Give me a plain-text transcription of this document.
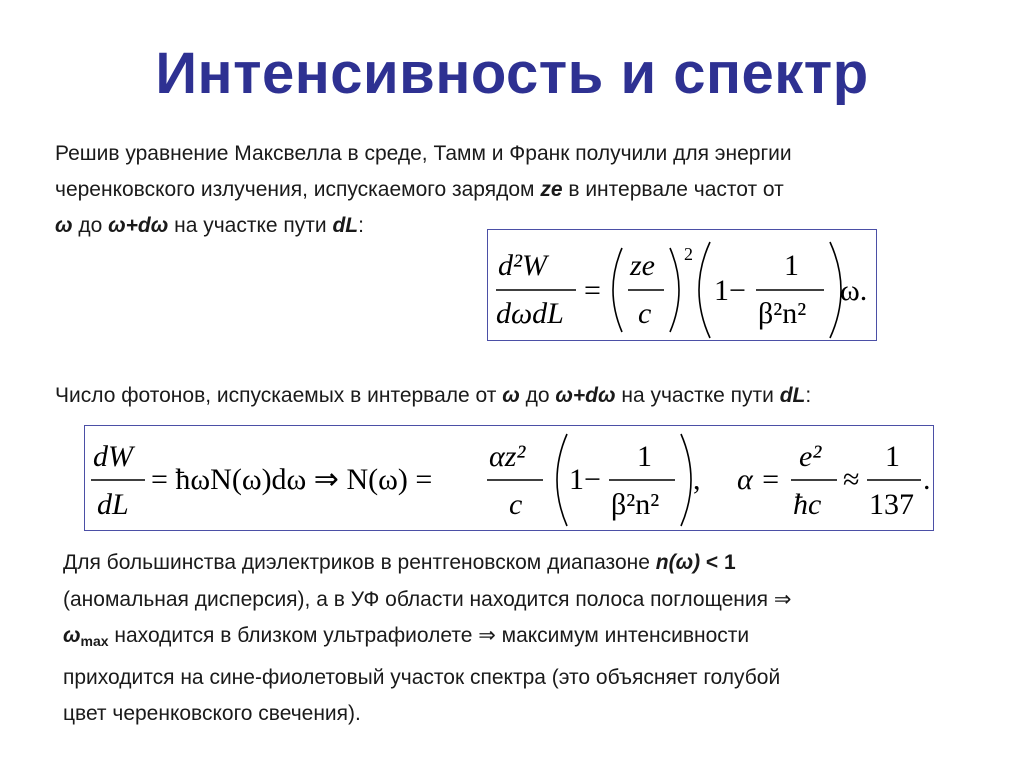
Интенсивность и спектр
Решив уравнение Максвелла в среде, Тамм и Франк получили для энергии
черенковского излучения, испускаемого зарядом ze в интервале частот от
ω до ω+dω на участке пути dL:
d²W
dωdL
=
ze
c
2
1−
1
β²n²
ω.
Число фотонов, испускаемых в интервале от ω до ω+dω на участке пути dL:
dW
dL
= ħωN(ω)dω ⇒ N(ω) =
αz²
c
1−
1
β²n²
, α =
e²
ħc
≈
1
137
.
Для большинства диэлектриков в рентгеновском диапазоне n(ω) < 1
(аномальная дисперсия), а в УФ области находится полоса поглощения ⇒
$\omega_{max}$ находится в близком ультрафиолете ⇒ максимум интенсивности
приходится на сине-фиолетовый участок спектра (это объясняет голубой
цвет черенковского свечения).
